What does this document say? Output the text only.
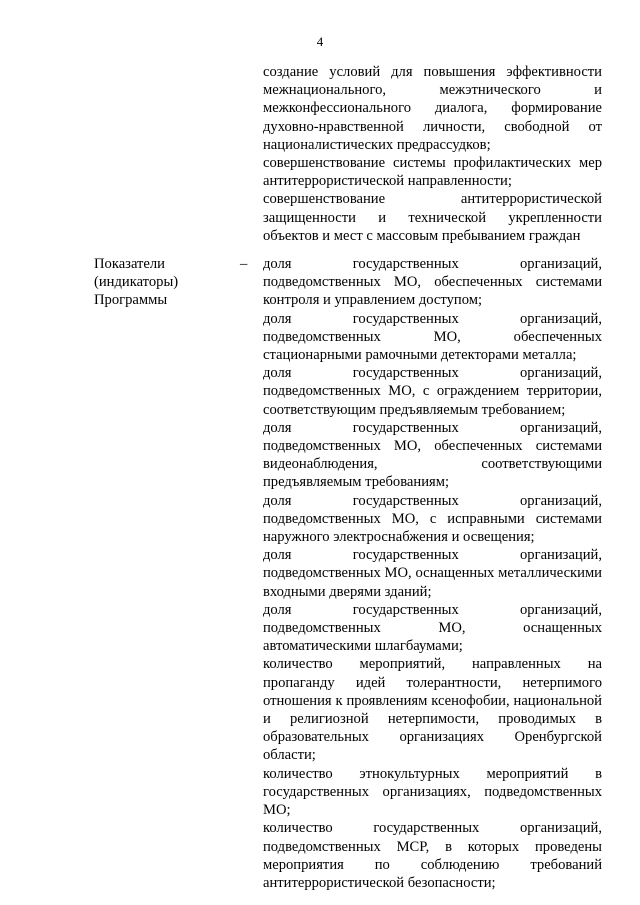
4

создание условий для повышения эффективности межнационального, межэтнического и межконфессионального диалога, формирование духовно-нравственной личности, свободной от националистических предрассудков;

совершенствование системы профилактических мер антитеррористической направленности;

совершенствование антитеррористической защищенности и технической укрепленности объектов и мест с массовым пребыванием граждан

Показатели (индикаторы) Программы
– доля государственных организаций, подведомственных МО, обеспеченных системами контроля и управлением доступом;

доля государственных организаций, подведомственных МО, обеспеченных стационарными рамочными детекторами металла;

доля государственных организаций, подведомственных МО, с ограждением территории, соответствующим предъявляемым требованием;

доля государственных организаций, подведомственных МО, обеспеченных системами видеонаблюдения, соответствующими предъявляемым требованиям;

доля государственных организаций, подведомственных МО, с исправными системами наружного электроснабжения и освещения;

доля государственных организаций, подведомственных МО, оснащенных металлическими входными дверями зданий;

доля государственных организаций, подведомственных МО, оснащенных автоматическими шлагбаумами;

количество мероприятий, направленных на пропаганду идей толерантности, нетерпимого отношения к проявлениям ксенофобии, национальной и религиозной нетерпимости, проводимых в образовательных организациях Оренбургской области;

количество этнокультурных мероприятий в государственных организациях, подведомственных МО;

количество государственных организаций, подведомственных МСР, в которых проведены мероприятия по соблюдению требований антитеррористической безопасности;
